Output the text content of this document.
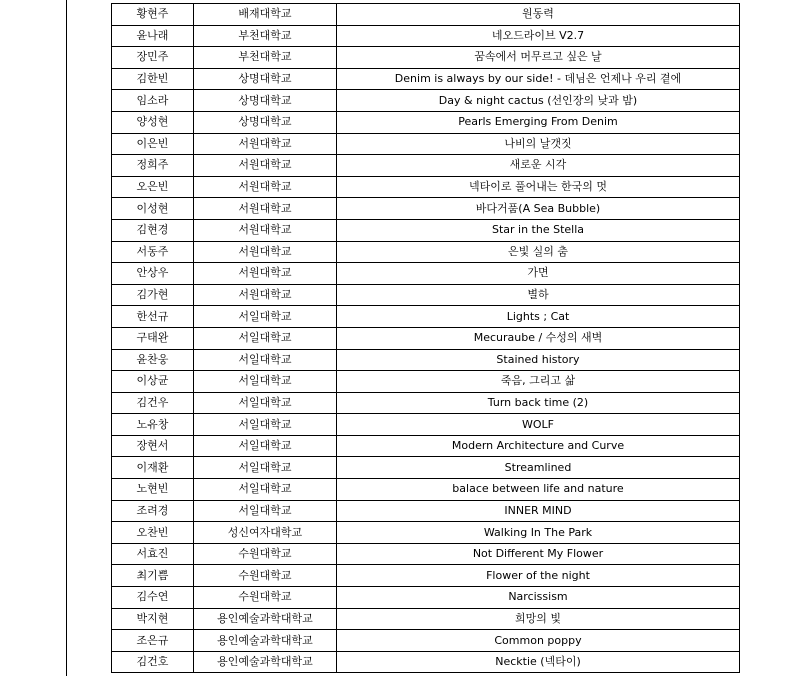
황현주	배재대학교	원동력
윤나래	부천대학교	네오드라이브 V2.7
장민주	부천대학교	꿈속에서 머무르고 싶은 날
김한빈	상명대학교	Denim is always by our side! - 데님은 언제나 우리 곁에
임소라	상명대학교	Day & night cactus (선인장의 낮과 밤)
양성현	상명대학교	Pearls Emerging From Denim
이은빈	서원대학교	나비의 날갯짓
정희주	서원대학교	새로운 시각
오은빈	서원대학교	넥타이로 풀어내는 한국의 멋
이성현	서원대학교	바다거품(A Sea Bubble)
김현경	서원대학교	Star in the Stella
서동주	서원대학교	은빛 실의 춤
안상우	서원대학교	가면
김가현	서원대학교	별하
한선규	서일대학교	Lights ; Cat
구태완	서일대학교	Mecuraube / 수성의 새벽
윤찬웅	서일대학교	Stained history
이상균	서일대학교	죽음, 그리고 삶
김건우	서일대학교	Turn back time (2)
노유창	서일대학교	WOLF
장현서	서일대학교	Modern Architecture and Curve
이재환	서일대학교	Streamlined
노현빈	서일대학교	balace between life and nature
조려경	서일대학교	INNER MIND
오찬빈	성신여자대학교	Walking In The Park
서효진	수원대학교	Not Different My Flower
최기쁨	수원대학교	Flower of the night
김수연	수원대학교	Narcissism
박지현	용인예술과학대학교	희망의 빛
조은규	용인예술과학대학교	Common poppy
김건호	용인예술과학대학교	Necktie (넥타이)
